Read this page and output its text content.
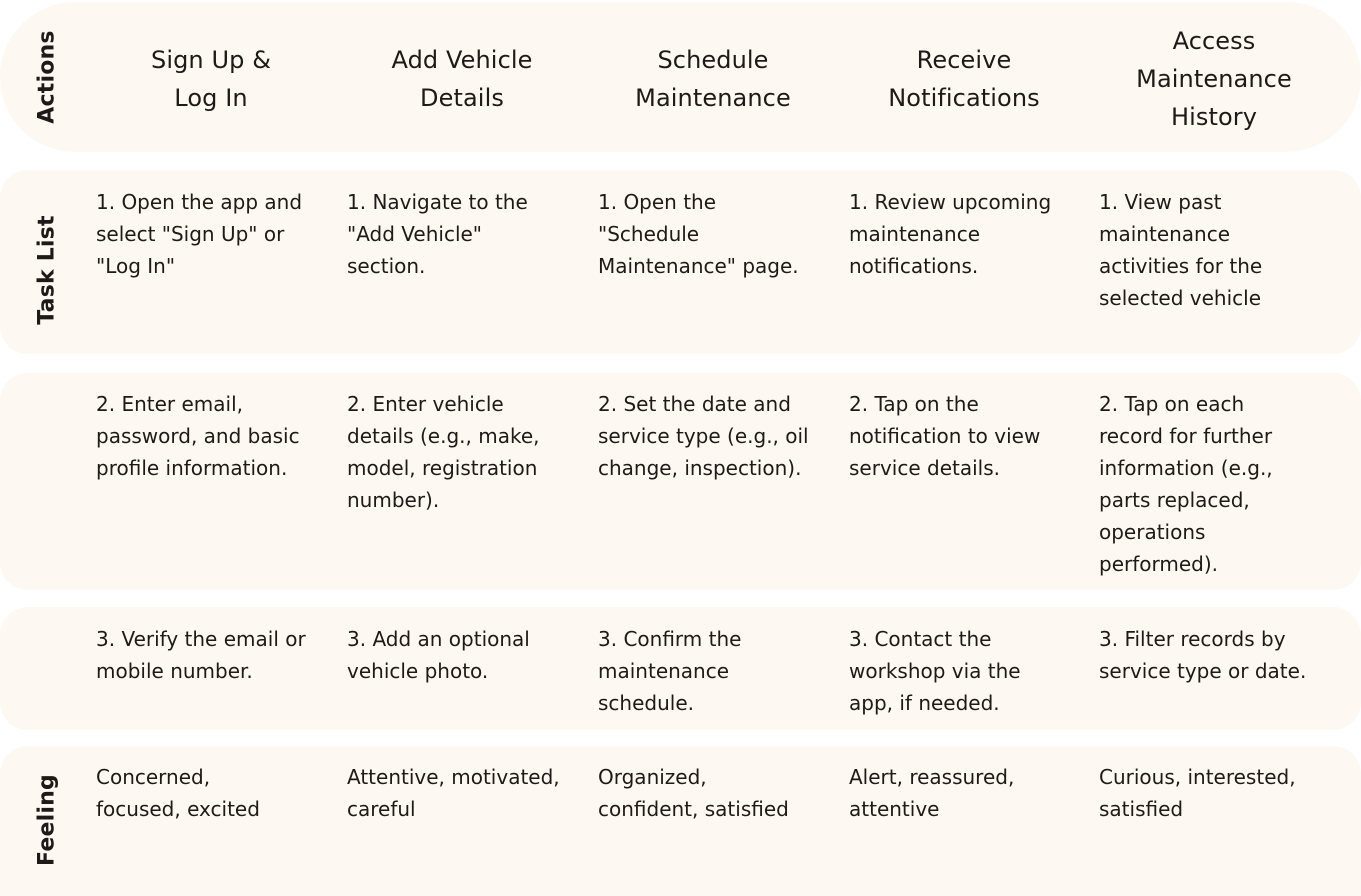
Actions
Task List
Feeling
Sign Up &
Log In
Add Vehicle
Details
Schedule
Maintenance
Receive
Notifications
Access
Maintenance
History
1. Open the app and
select "Sign Up" or
"Log In"
1. Navigate to the
"Add Vehicle"
section.
1. Open the
"Schedule
Maintenance" page.
1. Review upcoming
maintenance
notifications.
1. View past
maintenance
activities for the
selected vehicle
2. Enter email,
password, and basic
profile information.
2. Enter vehicle
details (e.g., make,
model, registration
number).
2. Set the date and
service type (e.g., oil
change, inspection).
2. Tap on the
notification to view
service details.
2. Tap on each
record for further
information (e.g.,
parts replaced,
operations
performed).
3. Verify the email or
mobile number.
3. Add an optional
vehicle photo.
3. Confirm the
maintenance
schedule.
3. Contact the
workshop via the
app, if needed.
3. Filter records by
service type or date.
Concerned,
focused, excited
Attentive, motivated,
careful
Organized,
confident, satisfied
Alert, reassured,
attentive
Curious, interested,
satisfied
